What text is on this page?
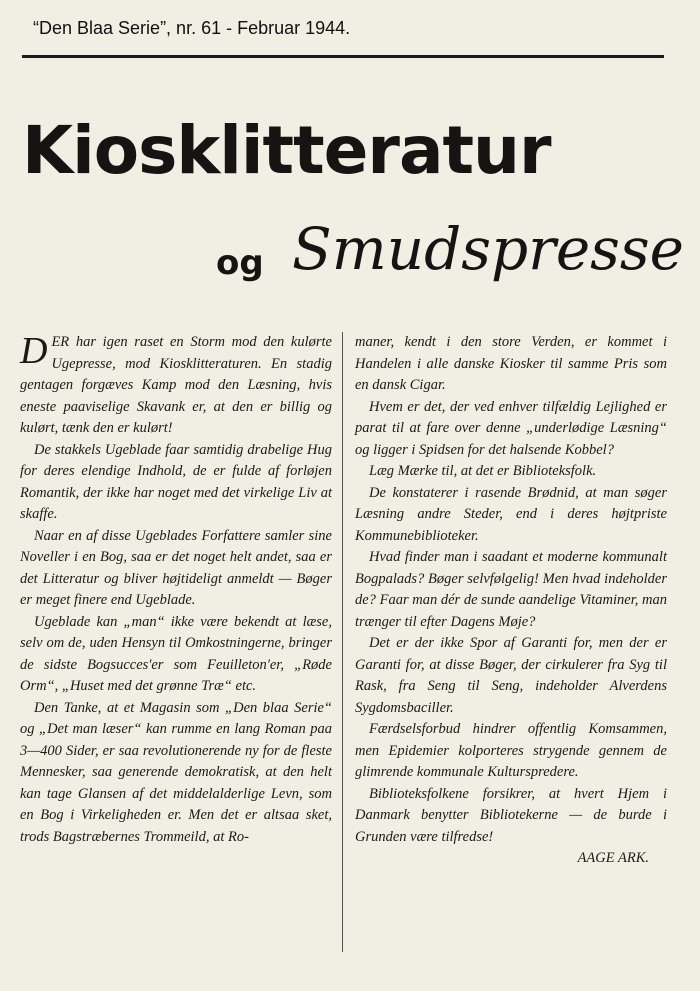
“Den Blaa Serie”, nr. 61 - Februar 1944.
Kiosklitteratur
og Smudspresse

DER har igen raset en Storm mod den kulørte Ugepresse, mod Kiosklitteraturen. En stadig gentagen forgæves Kamp mod den Læsning, hvis eneste paaviselige Skavank er, at den er billig og kulørt, tænk den er kulørt!

De stakkels Ugeblade faar samtidig drabelige Hug for deres elendige Indhold, de er fulde af forløjen Romantik, der ikke har noget med det virkelige Liv at skaffe.

Naar en af disse Ugeblades Forfattere samler sine Noveller i en Bog, saa er det noget helt andet, saa er det Litteratur og bliver højtideligt anmeldt — Bøger er meget finere end Ugeblade.

Ugeblade kan „man“ ikke være bekendt at læse, selv om de, uden Hensyn til Omkostningerne, bringer de sidste Bogsucces'er som Feuilleton'er, „Røde Orm“, „Huset med det grønne Træ“ etc.

Den Tanke, at et Magasin som „Den blaa Serie“ og „Det man læser“ kan rumme en lang Roman paa 3—400 Sider, er saa revolutionerende ny for de fleste Mennesker, saa generende demokratisk, at den helt kan tage Glansen af det middelalderlige Levn, som en Bog i Virkeligheden er. Men det er altsaa sket, trods Bagstræbernes Trommeild, at Ro-

maner, kendt i den store Verden, er kommet i Handelen i alle danske Kiosker til samme Pris som en dansk Cigar.

Hvem er det, der ved enhver tilfældig Lejlighed er parat til at fare over denne „underlødige Læsning“ og ligger i Spidsen for det halsende Kobbel?

Læg Mærke til, at det er Biblioteksfolk.

De konstaterer i rasende Brødnid, at man søger Læsning andre Steder, end i deres højtpriste Kommunebiblioteker.

Hvad finder man i saadant et moderne kommunalt Bogpalads? Bøger selvfølgelig! Men hvad indeholder de? Faar man dér de sunde aandelige Vitaminer, man trænger til efter Dagens Møje?

Det er der ikke Spor af Garanti for, men der er Garanti for, at disse Bøger, der cirkulerer fra Syg til Rask, fra Seng til Seng, indeholder Alverdens Sygdomsbaciller.

Færdselsforbud hindrer offentlig Komsammen, men Epidemier kolporteres strygende gennem de glimrende kommunale Kulturspredere.

Biblioteksfolkene forsikrer, at hvert Hjem i Danmark benytter Bibliotekerne — de burde i Grunden være tilfredse!

AAGE ARK.
